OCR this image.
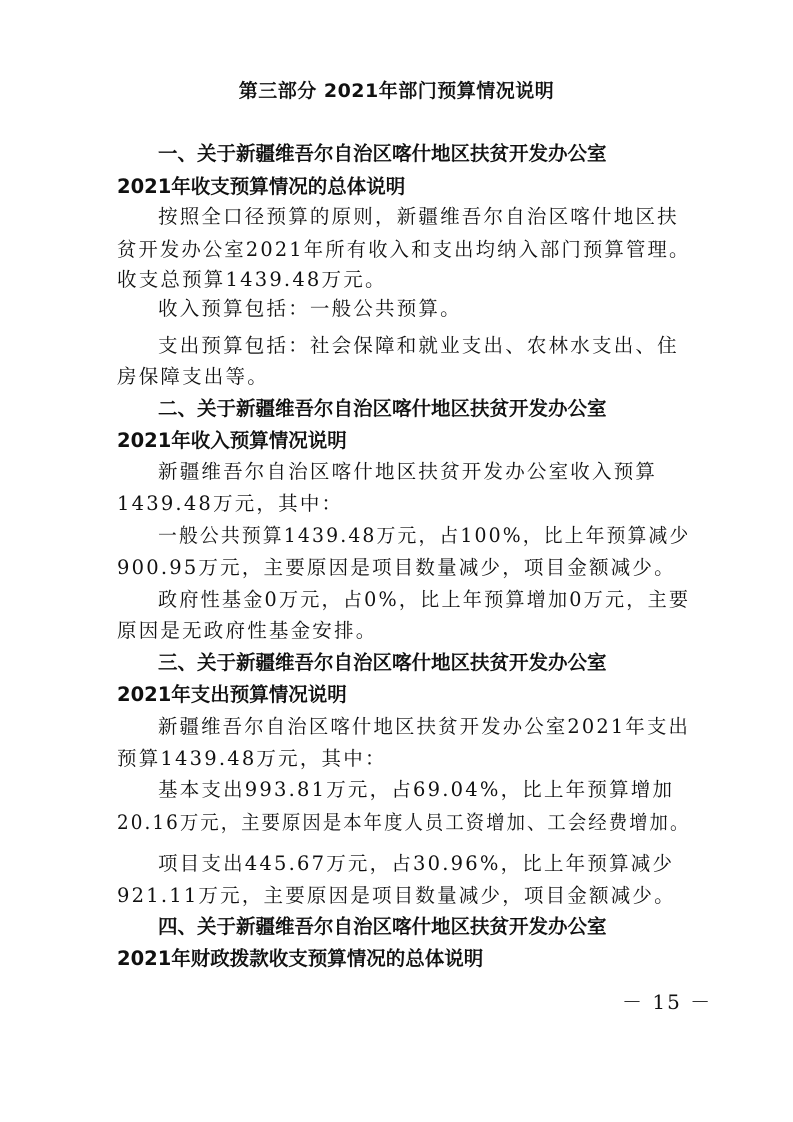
第三部分 2021年部门预算情况说明
一、关于新疆维吾尔自治区喀什地区扶贫开发办公室
2021年收支预算情况的总体说明
按照全口径预算的原则，新疆维吾尔自治区喀什地区扶
贫开发办公室2021年所有收入和支出均纳入部门预算管理。
收支总预算1439.48万元。
收入预算包括：一般公共预算。
支出预算包括：社会保障和就业支出、农林水支出、住
房保障支出等。
二、关于新疆维吾尔自治区喀什地区扶贫开发办公室
2021年收入预算情况说明
新疆维吾尔自治区喀什地区扶贫开发办公室收入预算
1439.48万元，其中：
一般公共预算1439.48万元，占100%，比上年预算减少
900.95万元，主要原因是项目数量减少，项目金额减少。
政府性基金0万元，占0%，比上年预算增加0万元，主要
原因是无政府性基金安排。
三、关于新疆维吾尔自治区喀什地区扶贫开发办公室
2021年支出预算情况说明
新疆维吾尔自治区喀什地区扶贫开发办公室2021年支出
预算1439.48万元，其中：
基本支出993.81万元，占69.04%，比上年预算增加
20.16万元，主要原因是本年度人员工资增加、工会经费增加。
项目支出445.67万元，占30.96%，比上年预算减少
921.11万元，主要原因是项目数量减少，项目金额减少。
四、关于新疆维吾尔自治区喀什地区扶贫开发办公室
2021年财政拨款收支预算情况的总体说明
－ 15 －
